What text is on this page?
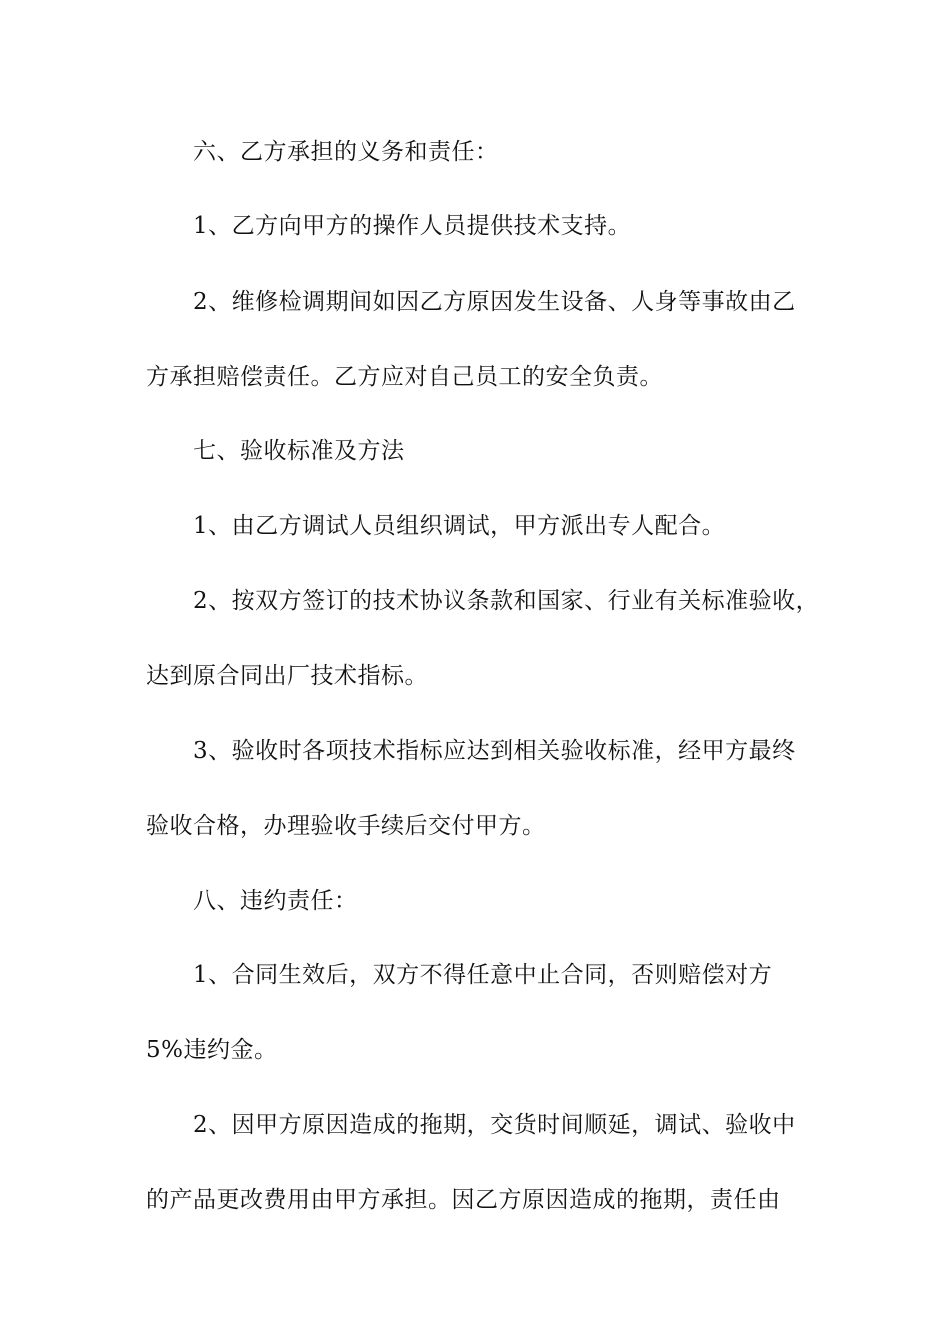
六、乙方承担的义务和责任：
1、乙方向甲方的操作人员提供技术支持。
2、维修检调期间如因乙方原因发生设备、人身等事故由乙
方承担赔偿责任。乙方应对自己员工的安全负责。
七、验收标准及方法
1、由乙方调试人员组织调试，甲方派出专人配合。
2、按双方签订的技术协议条款和国家、行业有关标准验收，
达到原合同出厂技术指标。
3、验收时各项技术指标应达到相关验收标准，经甲方最终
验收合格，办理验收手续后交付甲方。
八、违约责任：
1、合同生效后，双方不得任意中止合同，否则赔偿对方
5%违约金。
2、因甲方原因造成的拖期，交货时间顺延，调试、验收中
的产品更改费用由甲方承担。因乙方原因造成的拖期，责任由
